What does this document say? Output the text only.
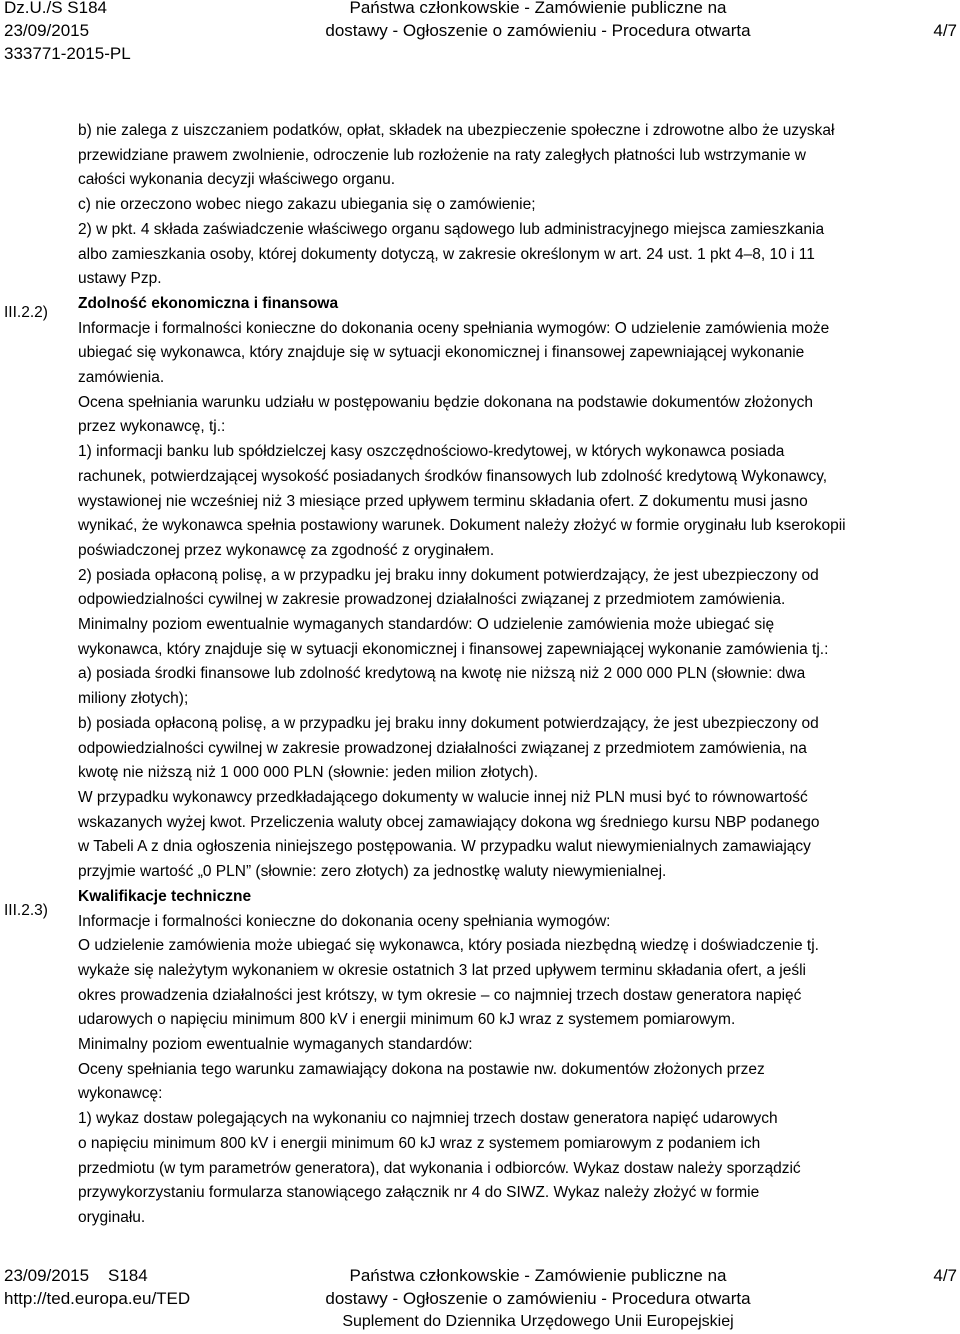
Dz.U./S S184
23/09/2015
333771-2015-PL
Państwa członkowskie - Zamówienie publiczne na
dostawy - Ogłoszenie o zamówieniu - Procedura otwarta	4/7
III.2.2)
III.2.3)

b) nie zalega z uiszczaniem podatków, opłat, składek na ubezpieczenie społeczne i zdrowotne albo że uzyskał

przewidziane prawem zwolnienie, odroczenie lub rozłożenie na raty zaległych płatności lub wstrzymanie w

całości wykonania decyzji właściwego organu.

c) nie orzeczono wobec niego zakazu ubiegania się o zamówienie;

2) w pkt. 4 składa zaświadczenie właściwego organu sądowego lub administracyjnego miejsca zamieszkania

albo zamieszkania osoby, której dokumenty dotyczą, w zakresie określonym w art. 24 ust. 1 pkt 4–8, 10 i 11

ustawy Pzp.

Zdolność ekonomiczna i finansowa

Informacje i formalności konieczne do dokonania oceny spełniania wymogów: O udzielenie zamówienia może

ubiegać się wykonawca, który znajduje się w sytuacji ekonomicznej i finansowej zapewniającej wykonanie

zamówienia.

Ocena spełniania warunku udziału w postępowaniu będzie dokonana na podstawie dokumentów złożonych

przez wykonawcę, tj.:

1) informacji banku lub spółdzielczej kasy oszczędnościowo-kredytowej, w których wykonawca posiada

rachunek, potwierdzającej wysokość posiadanych środków finansowych lub zdolność kredytową Wykonawcy,

wystawionej nie wcześniej niż 3 miesiące przed upływem terminu składania ofert. Z dokumentu musi jasno

wynikać, że wykonawca spełnia postawiony warunek. Dokument należy złożyć w formie oryginału lub kserokopii

poświadczonej przez wykonawcę za zgodność z oryginałem.

2) posiada opłaconą polisę, a w przypadku jej braku inny dokument potwierdzający, że jest ubezpieczony od

odpowiedzialności cywilnej w zakresie prowadzonej działalności związanej z przedmiotem zamówienia.

Minimalny poziom ewentualnie wymaganych standardów: O udzielenie zamówienia może ubiegać się

wykonawca, który znajduje się w sytuacji ekonomicznej i finansowej zapewniającej wykonanie zamówienia tj.:

a) posiada środki finansowe lub zdolność kredytową na kwotę nie niższą niż 2 000 000 PLN (słownie: dwa

miliony złotych);

b) posiada opłaconą polisę, a w przypadku jej braku inny dokument potwierdzający, że jest ubezpieczony od

odpowiedzialności cywilnej w zakresie prowadzonej działalności związanej z przedmiotem zamówienia, na

kwotę nie niższą niż 1 000 000 PLN (słownie: jeden milion złotych).

W przypadku wykonawcy przedkładającego dokumenty w walucie innej niż PLN musi być to równowartość

wskazanych wyżej kwot. Przeliczenia waluty obcej zamawiający dokona wg średniego kursu NBP podanego

w Tabeli A z dnia ogłoszenia niniejszego postępowania. W przypadku walut niewymienialnych zamawiający

przyjmie wartość „0 PLN” (słownie: zero złotych) za jednostkę waluty niewymienialnej.

Kwalifikacje techniczne

Informacje i formalności konieczne do dokonania oceny spełniania wymogów:

O udzielenie zamówienia może ubiegać się wykonawca, który posiada niezbędną wiedzę i doświadczenie tj.

wykaże się należytym wykonaniem w okresie ostatnich 3 lat przed upływem terminu składania ofert, a jeśli

okres prowadzenia działalności jest krótszy, w tym okresie – co najmniej trzech dostaw generatora napięć

udarowych o napięciu minimum 800 kV i energii minimum 60 kJ wraz z systemem pomiarowym.

Minimalny poziom ewentualnie wymaganych standardów:

Oceny spełniania tego warunku zamawiający dokona na postawie nw. dokumentów złożonych przez

wykonawcę:

1) wykaz dostaw polegających na wykonaniu co najmniej trzech dostaw generatora napięć udarowych

o napięciu minimum 800 kV i energii minimum 60 kJ wraz z systemem pomiarowym z podaniem ich

przedmiotu (w tym parametrów generatora), dat wykonania i odbiorców. Wykaz dostaw należy sporządzić

przywykorzystaniu formularza stanowiącego załącznik nr 4 do SIWZ. Wykaz należy złożyć w formie

oryginału.

23/09/2015    S184
http://ted.europa.eu/TED
Państwa członkowskie - Zamówienie publiczne na
dostawy - Ogłoszenie o zamówieniu - Procedura otwarta
Suplement do Dziennika Urzędowego Unii Europejskiej
4/7
